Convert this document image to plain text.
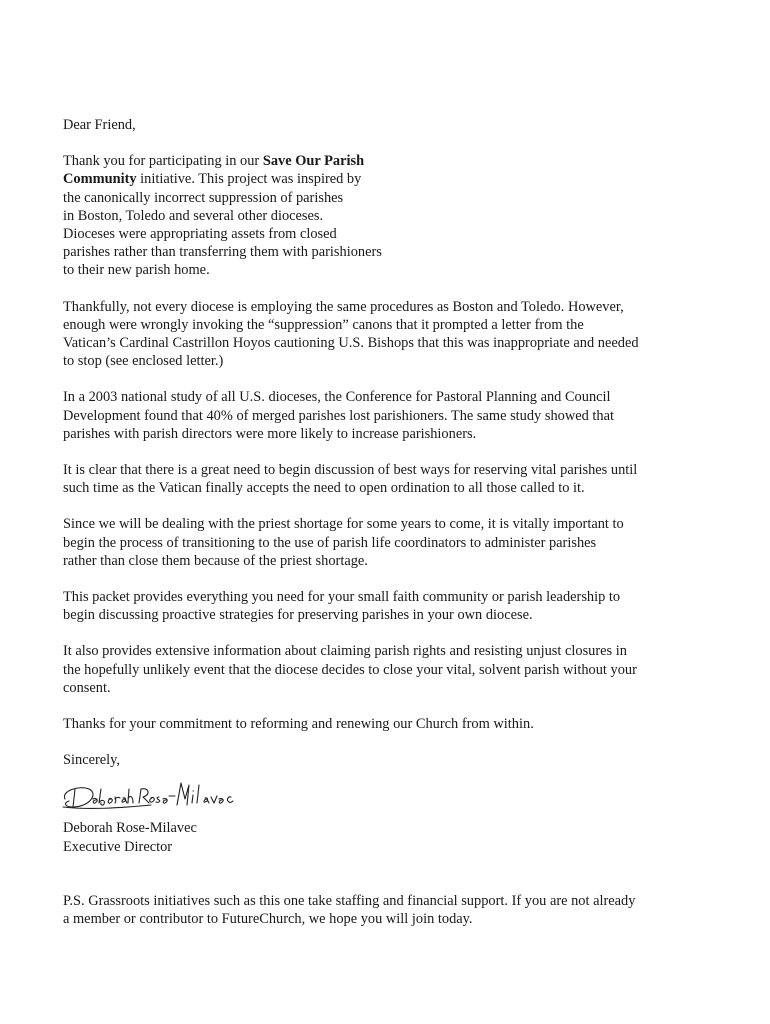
Dear Friend,
Thank you for participating in our Save Our Parish
Community initiative. This project was inspired by
the canonically incorrect suppression of parishes
in Boston, Toledo and several other dioceses.
Dioceses were appropriating assets from closed
parishes rather than transferring them with parishioners
to their new parish home.
Thankfully, not every diocese is employing the same procedures as Boston and Toledo. However,
enough were wrongly invoking the “suppression” canons that it prompted a letter from the
Vatican’s Cardinal Castrillon Hoyos cautioning U.S. Bishops that this was inappropriate and needed
to stop (see enclosed letter.)
In a 2003 national study of all U.S. dioceses, the Conference for Pastoral Planning and Council
Development found that 40% of merged parishes lost parishioners. The same study showed that
parishes with parish directors were more likely to increase parishioners.
It is clear that there is a great need to begin discussion of best ways for reserving vital parishes until
such time as the Vatican finally accepts the need to open ordination to all those called to it.
Since we will be dealing with the priest shortage for some years to come, it is vitally important to
begin the process of transitioning to the use of parish life coordinators to administer parishes
rather than close them because of the priest shortage.
This packet provides everything you need for your small faith community or parish leadership to
begin discussing proactive strategies for preserving parishes in your own diocese.
It also provides extensive information about claiming parish rights and resisting unjust closures in
the hopefully unlikely event that the diocese decides to close your vital, solvent parish without your
consent.
Thanks for your commitment to reforming and renewing our Church from within.
Sincerely,
Deborah Rose-Milavec
Executive Director
P.S. Grassroots initiatives such as this one take staffing and financial support. If you are not already
a member or contributor to FutureChurch, we hope you will join today.
